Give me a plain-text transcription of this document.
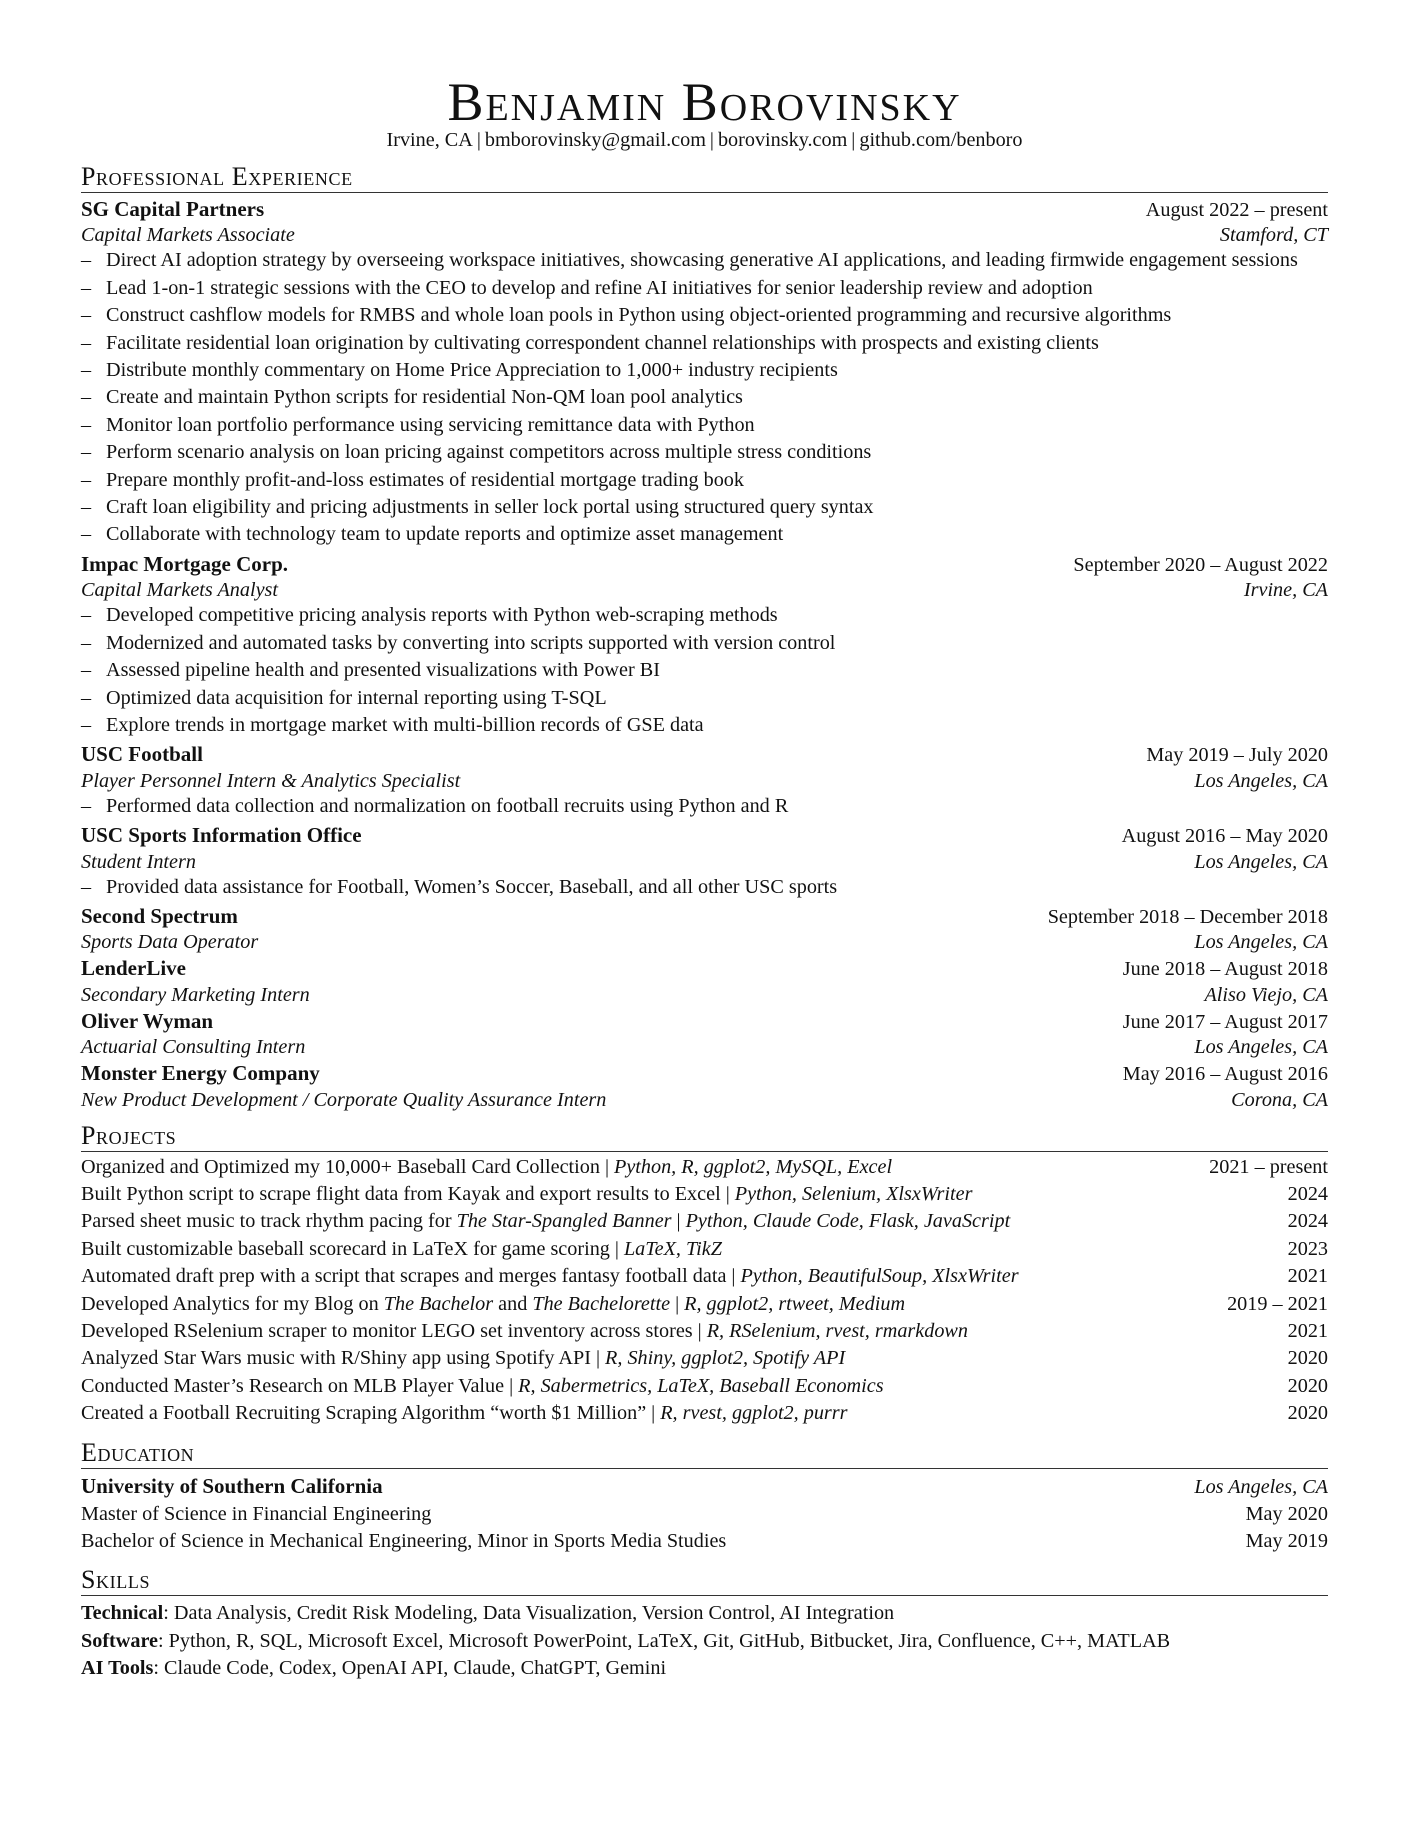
Benjamin Borovinsky
Irvine, CA | bmborovinsky@gmail.com | borovinsky.com | github.com/benboro
Professional Experience
SG Capital Partners	August 2022 – present
Capital Markets Associate	Stamford, CT
– Direct AI adoption strategy by overseeing workspace initiatives, showcasing generative AI applications, and leading firmwide engagement sessions
– Lead 1-on-1 strategic sessions with the CEO to develop and refine AI initiatives for senior leadership review and adoption
– Construct cashflow models for RMBS and whole loan pools in Python using object-oriented programming and recursive algorithms
– Facilitate residential loan origination by cultivating correspondent channel relationships with prospects and existing clients
– Distribute monthly commentary on Home Price Appreciation to 1,000+ industry recipients
– Create and maintain Python scripts for residential Non-QM loan pool analytics
– Monitor loan portfolio performance using servicing remittance data with Python
– Perform scenario analysis on loan pricing against competitors across multiple stress conditions
– Prepare monthly profit-and-loss estimates of residential mortgage trading book
– Craft loan eligibility and pricing adjustments in seller lock portal using structured query syntax
– Collaborate with technology team to update reports and optimize asset management
Impac Mortgage Corp.	September 2020 – August 2022
Capital Markets Analyst	Irvine, CA
– Developed competitive pricing analysis reports with Python web-scraping methods
– Modernized and automated tasks by converting into scripts supported with version control
– Assessed pipeline health and presented visualizations with Power BI
– Optimized data acquisition for internal reporting using T-SQL
– Explore trends in mortgage market with multi-billion records of GSE data
USC Football	May 2019 – July 2020
Player Personnel Intern & Analytics Specialist	Los Angeles, CA
– Performed data collection and normalization on football recruits using Python and R
USC Sports Information Office	August 2016 – May 2020
Student Intern	Los Angeles, CA
– Provided data assistance for Football, Women’s Soccer, Baseball, and all other USC sports
Second Spectrum	September 2018 – December 2018
Sports Data Operator	Los Angeles, CA
LenderLive	June 2018 – August 2018
Secondary Marketing Intern	Aliso Viejo, CA
Oliver Wyman	June 2017 – August 2017
Actuarial Consulting Intern	Los Angeles, CA
Monster Energy Company	May 2016 – August 2016
New Product Development / Corporate Quality Assurance Intern	Corona, CA
Projects
Organized and Optimized my 10,000+ Baseball Card Collection | Python, R, ggplot2, MySQL, Excel	2021 – present
Built Python script to scrape flight data from Kayak and export results to Excel | Python, Selenium, XlsxWriter	2024
Parsed sheet music to track rhythm pacing for The Star-Spangled Banner | Python, Claude Code, Flask, JavaScript	2024
Built customizable baseball scorecard in LaTeX for game scoring | LaTeX, TikZ	2023
Automated draft prep with a script that scrapes and merges fantasy football data | Python, BeautifulSoup, XlsxWriter	2021
Developed Analytics for my Blog on The Bachelor and The Bachelorette | R, ggplot2, rtweet, Medium	2019 – 2021
Developed RSelenium scraper to monitor LEGO set inventory across stores | R, RSelenium, rvest, rmarkdown	2021
Analyzed Star Wars music with R/Shiny app using Spotify API | R, Shiny, ggplot2, Spotify API	2020
Conducted Master’s Research on MLB Player Value | R, Sabermetrics, LaTeX, Baseball Economics	2020
Created a Football Recruiting Scraping Algorithm “worth $1 Million” | R, rvest, ggplot2, purrr	2020
Education
University of Southern California	Los Angeles, CA
Master of Science in Financial Engineering	May 2020
Bachelor of Science in Mechanical Engineering, Minor in Sports Media Studies	May 2019
Skills
Technical: Data Analysis, Credit Risk Modeling, Data Visualization, Version Control, AI Integration
Software: Python, R, SQL, Microsoft Excel, Microsoft PowerPoint, LaTeX, Git, GitHub, Bitbucket, Jira, Confluence, C++, MATLAB
AI Tools: Claude Code, Codex, OpenAI API, Claude, ChatGPT, Gemini
